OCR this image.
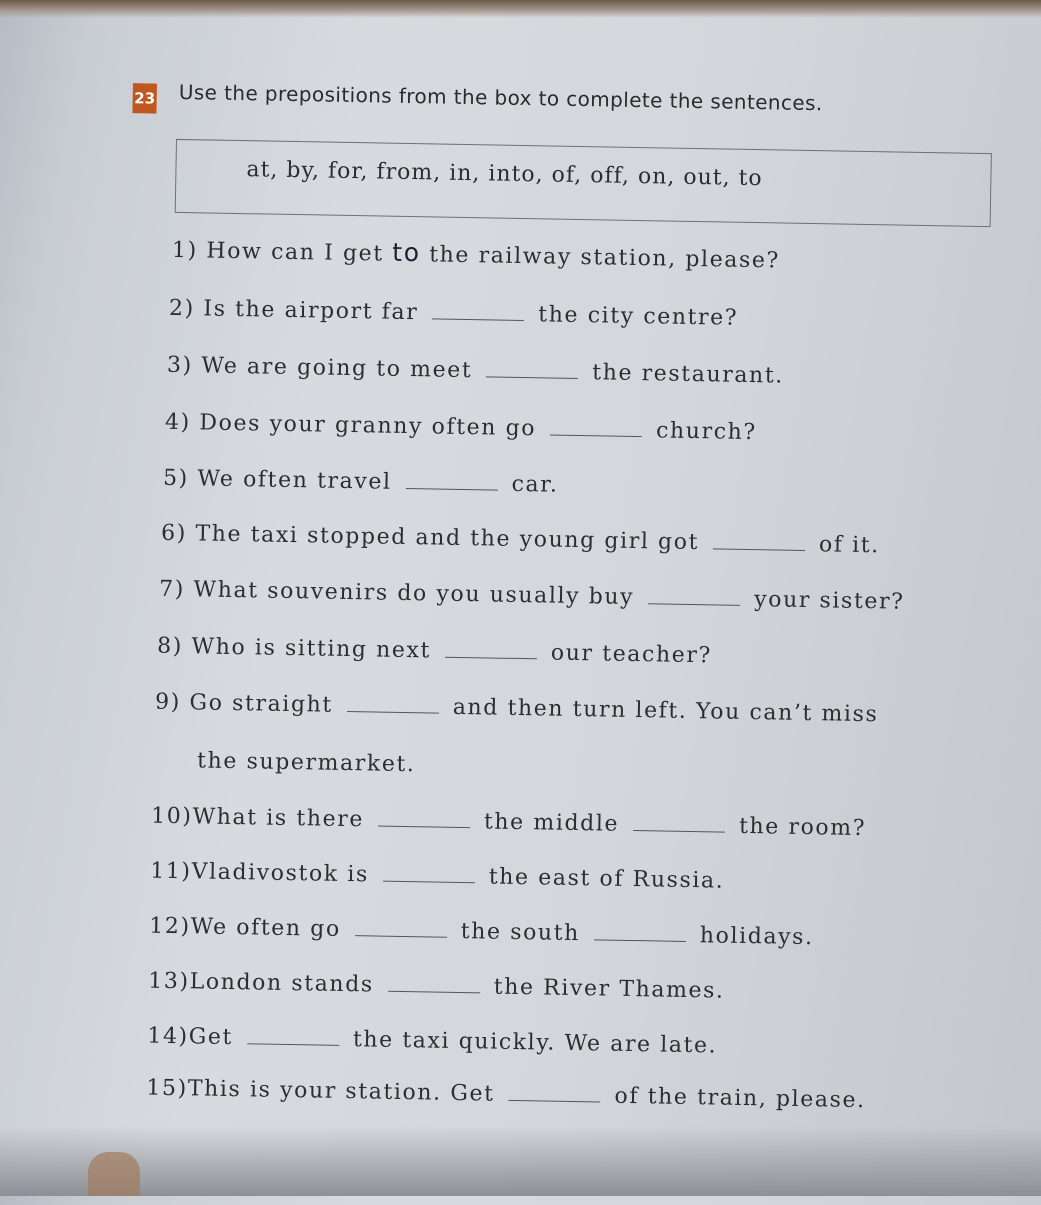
23 Use the prepositions from the box to complete the sentences.
at, by, for, from, in, into, of, off, on, out, to
1) How can I get to the railway station, please?
2) Is the airport far	the city centre?
3) We are going to meet	the restaurant.
4) Does your granny often go	church?
5) We often travel	car.
6) The taxi stopped and the young girl got	of it.
7) What souvenirs do you usually buy	your sister?
8) Who is sitting next	our teacher?
9) Go straight	and then turn left. You can’t miss
the supermarket.
10)What is there	the middle	the room?
11)Vladivostok is	the east of Russia.
12)We often go	the south	holidays.
13)London stands	the River Thames.
14)Get	the taxi quickly. We are late.
15)This is your station. Get	of the train, please.
